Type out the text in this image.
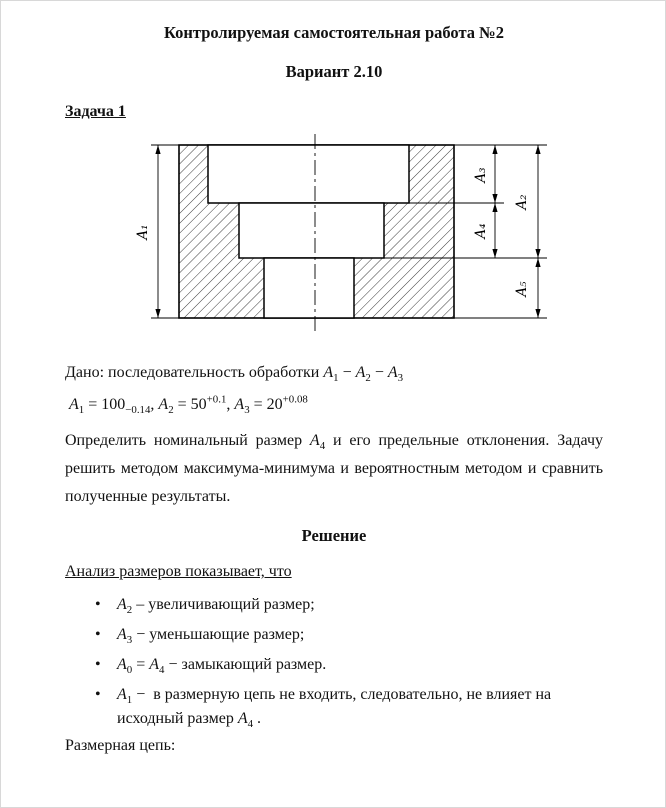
Контролируемая самостоятельная работа №2
Вариант 2.10
Задача 1
A₁
A₃
A₄
A₂
A₅
Дано: последовательность обработки $A_1 - A_2 - A_3$
$A_1 = 100_{-0.14}$, $A_2 = 50^{+0.1}$, $A_3 = 20^{+0.08}$
Определить номинальный размер $A_4$ и его предельные отклонения. Задачу решить методом максимума-минимума и вероятностным методом и сравнить полученные результаты.
Решение
Анализ размеров показывает, что
•	$A_2$ – увеличивающий размер;
•	$A_3$ − уменьшающие размер;
•	$A_0 = A_4$ − замыкающий размер.
•	$A_1 - в$ размерную цепь не входить, следовательно, не влияет на исходный размер $A_4$ .
Размерная цепь:
